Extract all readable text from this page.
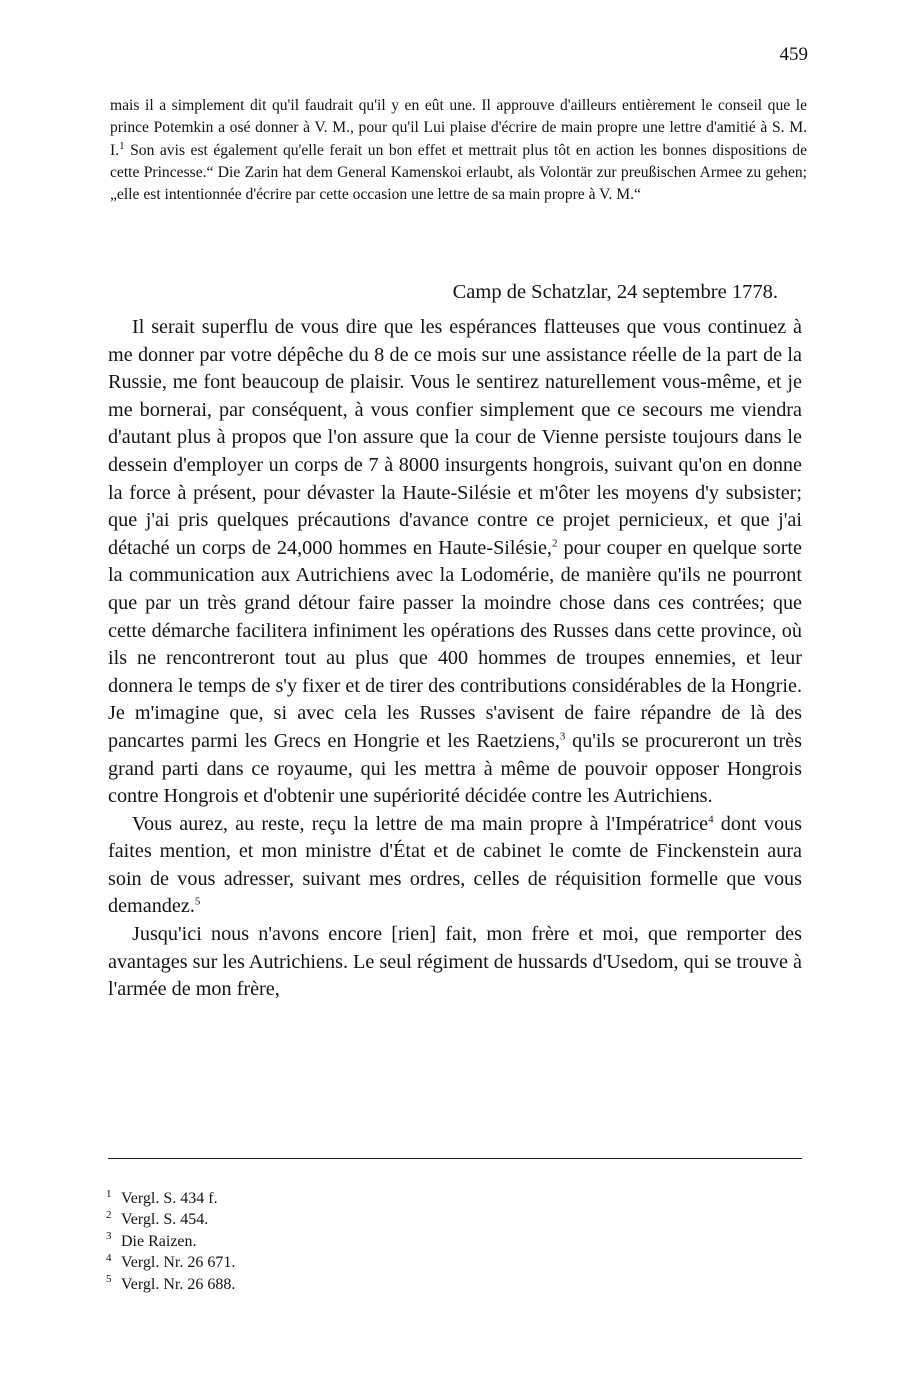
459

mais il a simplement dit qu'il faudrait qu'il y en eût une. Il approuve d'ailleurs entièrement le conseil que le prince Potemkin a osé donner à V. M., pour qu'il Lui plaise d'écrire de main propre une lettre d'amitié à S. M. I.$^1$ Son avis est également qu'elle ferait un bon effet et mettrait plus tôt en action les bonnes dispositions de cette Princesse.“ Die Zarin hat dem General Kamenskoi erlaubt, als Volontär zur preußischen Armee zu gehen; „elle est intentionnée d'écrire par cette occasion une lettre de sa main propre à V. M.“

Camp de Schatzlar, 24 septembre 1778.

Il serait superflu de vous dire que les espérances flatteuses que vous continuez à me donner par votre dépêche du 8 de ce mois sur une assistance réelle de la part de la Russie, me font beaucoup de plaisir. Vous le sentirez naturellement vous-même, et je me bornerai, par conséquent, à vous confier simplement que ce secours me viendra d'autant plus à propos que l'on assure que la cour de Vienne persiste toujours dans le dessein d'employer un corps de 7 à 8000 insurgents hongrois, suivant qu'on en donne la force à présent, pour dévaster la Haute-Silésie et m'ôter les moyens d'y subsister; que j'ai pris quelques précautions d'avance contre ce projet pernicieux, et que j'ai détaché un corps de 24,000 hommes en Haute-Silésie,$^2$ pour couper en quelque sorte la communication aux Autrichiens avec la Lodomérie, de manière qu'ils ne pourront que par un très grand détour faire passer la moindre chose dans ces contrées; que cette démarche facilitera infiniment les opérations des Russes dans cette province, où ils ne rencontreront tout au plus que 400 hommes de troupes ennemies, et leur donnera le temps de s'y fixer et de tirer des contributions considérables de la Hongrie. Je m'imagine que, si avec cela les Russes s'avisent de faire répandre de là des pancartes parmi les Grecs en Hongrie et les Raetziens,$^3$ qu'ils se procureront un très grand parti dans ce royaume, qui les mettra à même de pouvoir opposer Hongrois contre Hongrois et d'obtenir une supériorité décidée contre les Autrichiens.

Vous aurez, au reste, reçu la lettre de ma main propre à l'Impératrice$^4$ dont vous faites mention, et mon ministre d'État et de cabinet le comte de Finckenstein aura soin de vous adresser, suivant mes ordres, celles de réquisition formelle que vous demandez.$^5$

Jusqu'ici nous n'avons encore [rien] fait, mon frère et moi, que remporter des avantages sur les Autrichiens. Le seul régiment de hussards d'Usedom, qui se trouve à l'armée de mon frère,

1 Vergl. S. 434 f.
2 Vergl. S. 454.
3 Die Raizen.
4 Vergl. Nr. 26 671.
5 Vergl. Nr. 26 688.
